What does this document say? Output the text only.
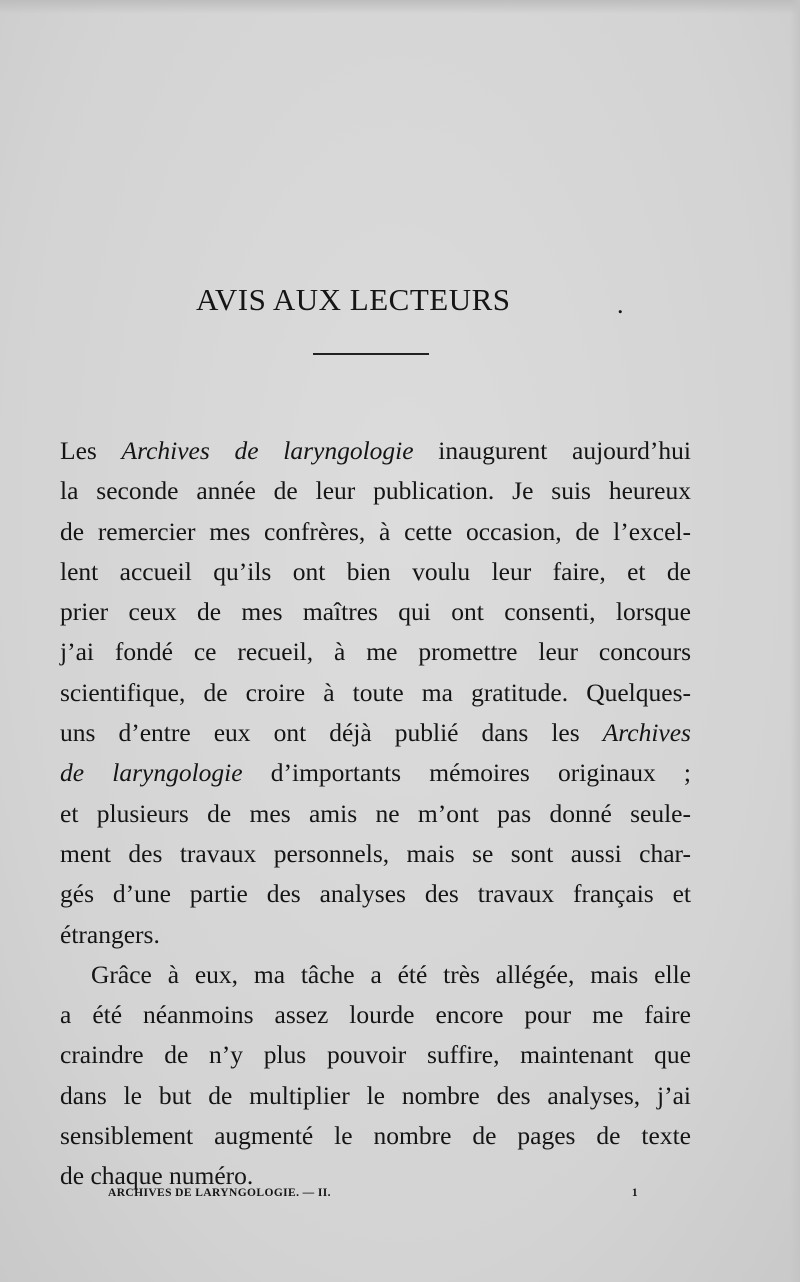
AVIS AUX LECTEURS	.
Les Archives de laryngologie inaugurent aujourd’hui
la seconde année de leur publication. Je suis heureux
de remercier mes confrères, à cette occasion, de l’excel-
lent accueil qu’ils ont bien voulu leur faire, et de
prier ceux de mes maîtres qui ont consenti, lorsque
j’ai fondé ce recueil, à me promettre leur concours
scientifique, de croire à toute ma gratitude. Quelques-
uns d’entre eux ont déjà publié dans les Archives
de laryngologie d’importants mémoires originaux ;
et plusieurs de mes amis ne m’ont pas donné seule-
ment des travaux personnels, mais se sont aussi char-
gés d’une partie des analyses des travaux français et
étrangers.
Grâce à eux, ma tâche a été très allégée, mais elle
a été néanmoins assez lourde encore pour me faire
craindre de n’y plus pouvoir suffire, maintenant que
dans le but de multiplier le nombre des analyses, j’ai
sensiblement augmenté le nombre de pages de texte
de chaque numéro.
ARCHIVES DE LARYNGOLOGIE. — II.	1
